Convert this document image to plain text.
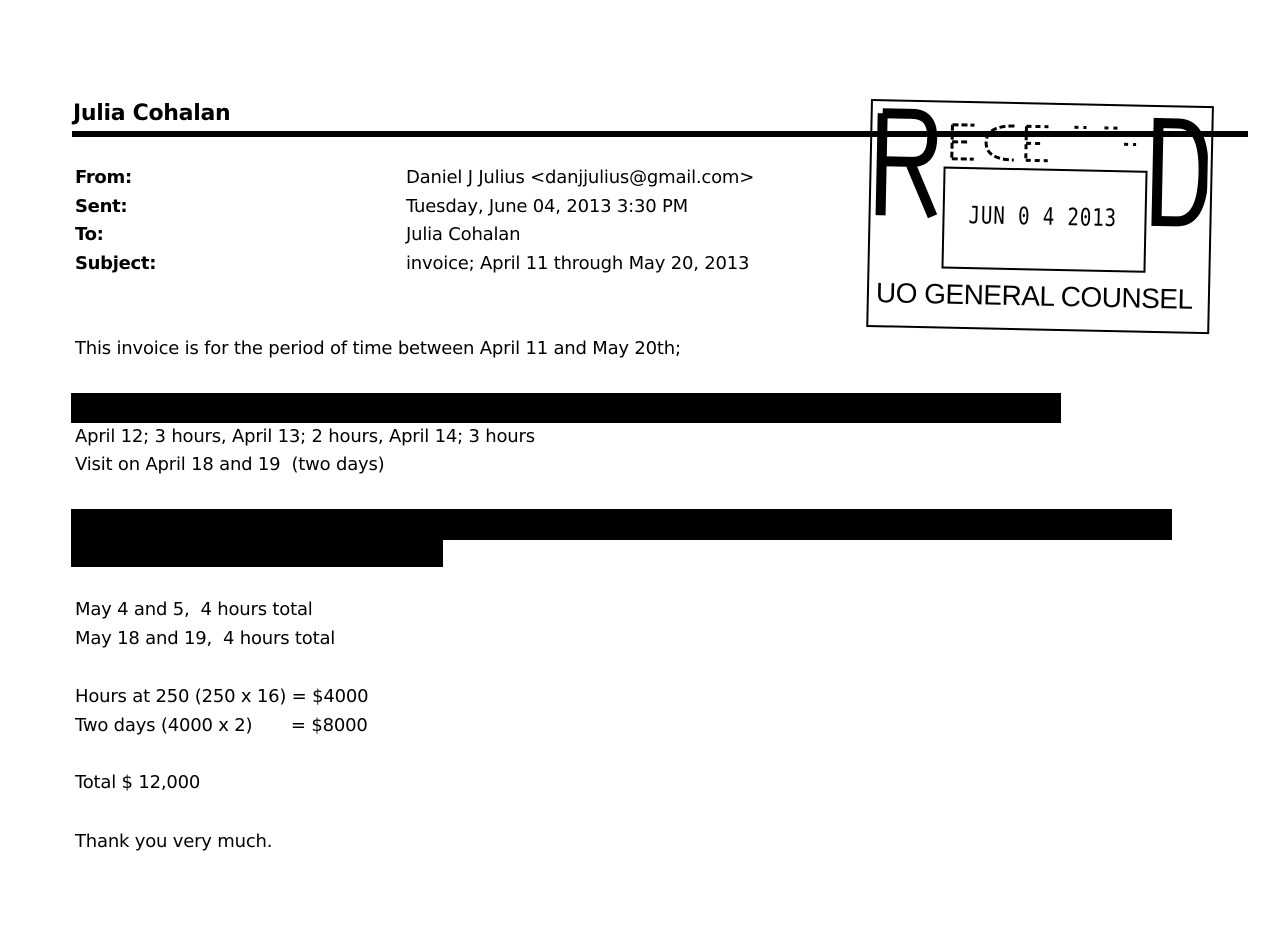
Julia Cohalan
From:	Daniel J Julius <danjjulius@gmail.com>
Sent:	Tuesday, June 04, 2013 3:30 PM
To:	Julia Cohalan
Subject:	invoice; April 11 through May 20, 2013
JUN 0 4 2013
UO GENERAL COUNSEL
This invoice is for the period of time between April 11 and May 20th;
April 12; 3 hours, April 13; 2 hours, April 14; 3 hours
Visit on April 18 and 19  (two days)
May 4 and 5,  4 hours total
May 18 and 19,  4 hours total
Hours at 250 (250 x 16) = $4000
Two days (4000 x 2)       = $8000
Total $ 12,000
Thank you very much.
